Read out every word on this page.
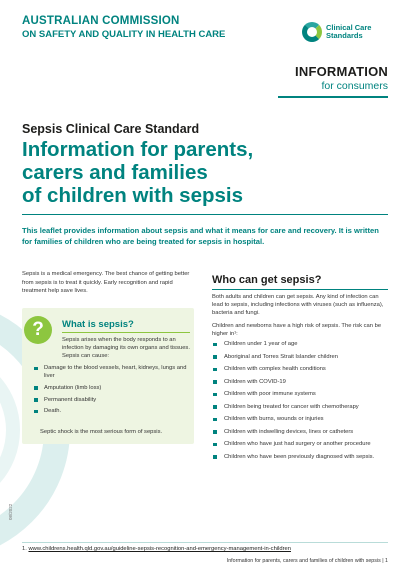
AUSTRALIAN COMMISSION
ON SAFETY AND QUALITY IN HEALTH CARE
Clinical Care
Standards
INFORMATION
for consumers
Sepsis Clinical Care Standard
Information for parents,
carers and families
of children with sepsis
This leaflet provides information about sepsis and what it means for care and recovery. It is written for families of children who are being treated for sepsis in hospital.
Sepsis is a medical emergency. The best chance of getting better from sepsis is to treat it quickly. Early recognition and rapid treatment help save lives.
?	What is sepsis?
Sepsis arises when the body responds to an infection by damaging its own organs and tissues. Sepsis can cause:
Damage to the blood vessels, heart, kidneys, lungs and liver
Amputation (limb loss)
Permanent disability
Death.
Septic shock is the most serious form of sepsis.
Who can get sepsis?
Both adults and children can get sepsis. Any kind of infection can lead to sepsis, including infections with viruses (such as influenza), bacteria and fungi.
Children and newborns have a high risk of sepsis. The risk can be higher in¹:
Children under 1 year of age
Aboriginal and Torres Strait Islander children
Children with complex health conditions
Children with COVID-19
Children with poor immune systems
Children being treated for cancer with chemotherapy
Children with burns, wounds or injuries
Children with indwelling devices, lines or catheters
Children who have just had surgery or another procedure
Children who have been previously diagnosed with sepsis.
08/2022
1. www.childrens.health.qld.gov.au/guideline-sepsis-recognition-and-emergency-management-in-children
Information for parents, carers and families of children with sepsis | 1
